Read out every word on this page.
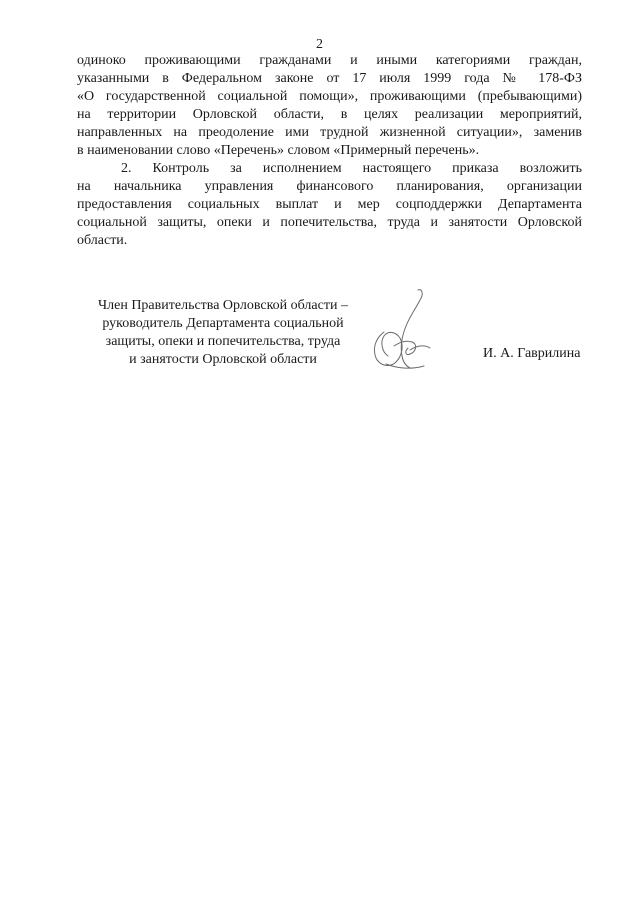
2
одиноко проживающими гражданами и иными категориями граждан,
указанными в Федеральном законе от 17 июля 1999 года № 178-ФЗ
«О государственной социальной помощи», проживающими (пребывающими)
на территории Орловской области, в целях реализации мероприятий,
направленных на преодоление ими трудной жизненной ситуации», заменив
в наименовании слово «Перечень» словом «Примерный перечень».
2. Контроль за исполнением настоящего приказа возложить
на начальника управления финансового планирования, организации
предоставления социальных выплат и мер соцподдержки Департамента
социальной защиты, опеки и попечительства, труда и занятости Орловской
области.
Член Правительства Орловской области –
руководитель Департамента социальной
защиты, опеки и попечительства, труда
и занятости Орловской области	И. А. Гаврилина
